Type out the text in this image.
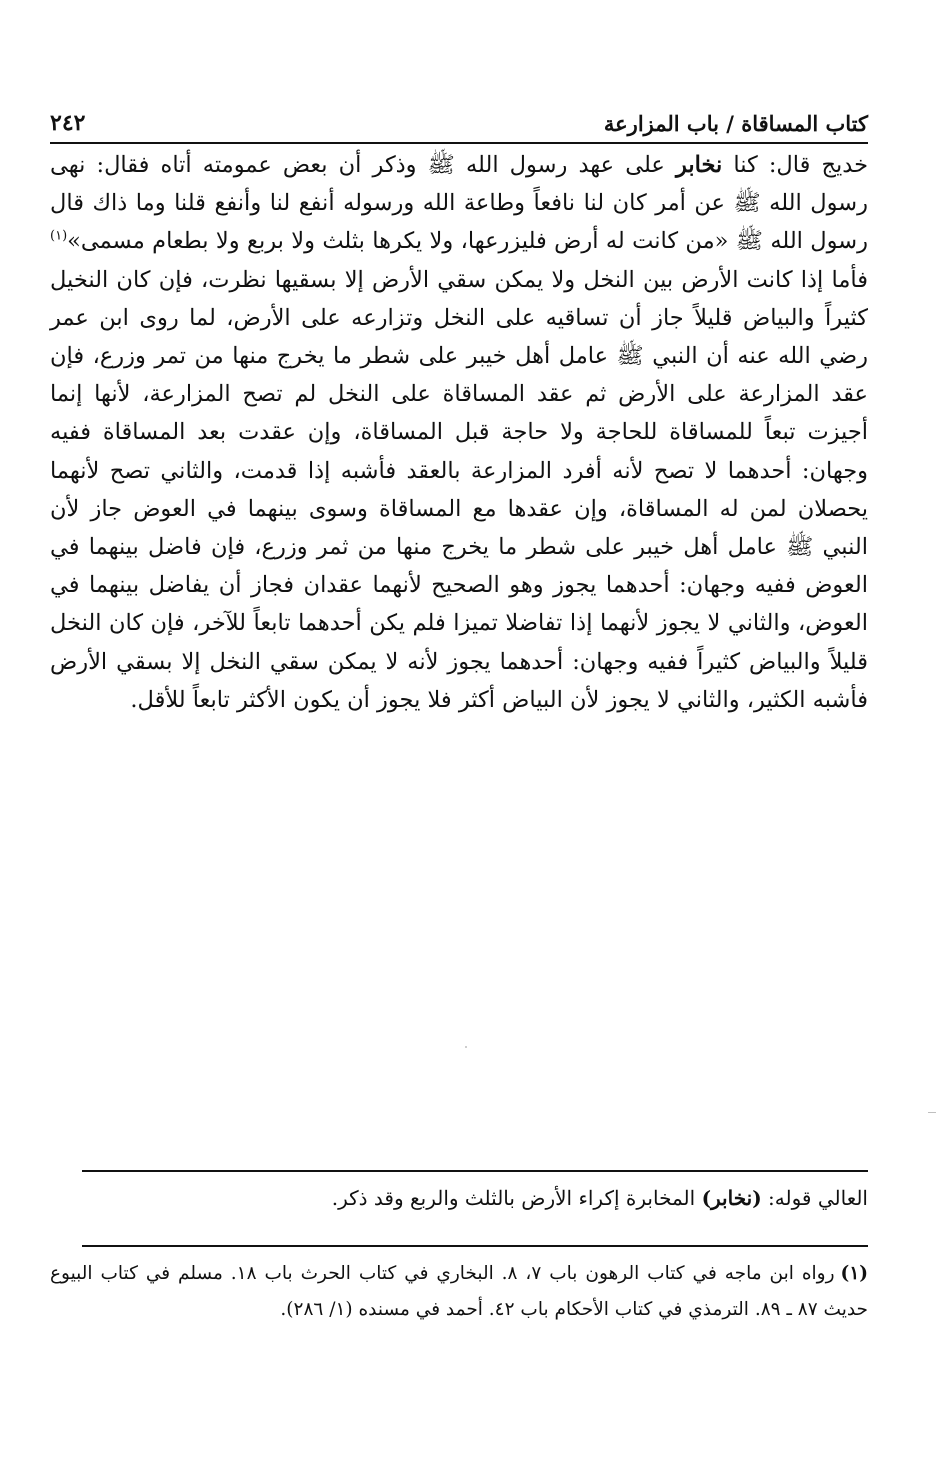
كتاب المساقاة / باب المزارعة
٢٤٢

خديج قال: كنا نخابر على عهد رسول الله ﷺ وذكر أن بعض عمومته أتاه فقال: نهى رسول الله ﷺ عن أمر كان لنا نافعاً وطاعة الله ورسوله أنفع لنا وأنفع قلنا وما ذاك قال رسول الله ﷺ «من كانت له أرض فليزرعها، ولا يكرها بثلث ولا بربع ولا بطعام مسمى»$^{(١)}$ فأما إذا كانت الأرض بين النخل ولا يمكن سقي الأرض إلا بسقيها نظرت، فإن كان النخيل كثيراً والبياض قليلاً جاز أن تساقيه على النخل وتزارعه على الأرض، لما روى ابن عمر رضي الله عنه أن النبي ﷺ عامل أهل خيبر على شطر ما يخرج منها من تمر وزرع، فإن عقد المزارعة على الأرض ثم عقد المساقاة على النخل لم تصح المزارعة، لأنها إنما أجيزت تبعاً للمساقاة للحاجة ولا حاجة قبل المساقاة، وإن عقدت بعد المساقاة ففيه وجهان: أحدهما لا تصح لأنه أفرد المزارعة بالعقد فأشبه إذا قدمت، والثاني تصح لأنهما يحصلان لمن له المساقاة، وإن عقدها مع المساقاة وسوى بينهما في العوض جاز لأن النبي ﷺ عامل أهل خيبر على شطر ما يخرج منها من ثمر وزرع، فإن فاضل بينهما في العوض ففيه وجهان: أحدهما يجوز وهو الصحيح لأنهما عقدان فجاز أن يفاضل بينهما في العوض، والثاني لا يجوز لأنهما إذا تفاضلا تميزا فلم يكن أحدهما تابعاً للآخر، فإن كان النخل قليلاً والبياض كثيراً ففيه وجهان: أحدهما يجوز لأنه لا يمكن سقي النخل إلا بسقي الأرض فأشبه الكثير، والثاني لا يجوز لأن البياض أكثر فلا يجوز أن يكون الأكثر تابعاً للأقل.

العالي قوله: (نخابر) المخابرة إكراء الأرض بالثلث والربع وقد ذكر.
(١)رواه ابن ماجه في كتاب الرهون باب ٧، ٨. البخاري في كتاب الحرث باب ١٨. مسلم في كتاب البيوع حديث ٨٧ ـ ٨٩. الترمذي في كتاب الأحكام باب ٤٢. أحمد في مسنده (١/ ٢٨٦).
